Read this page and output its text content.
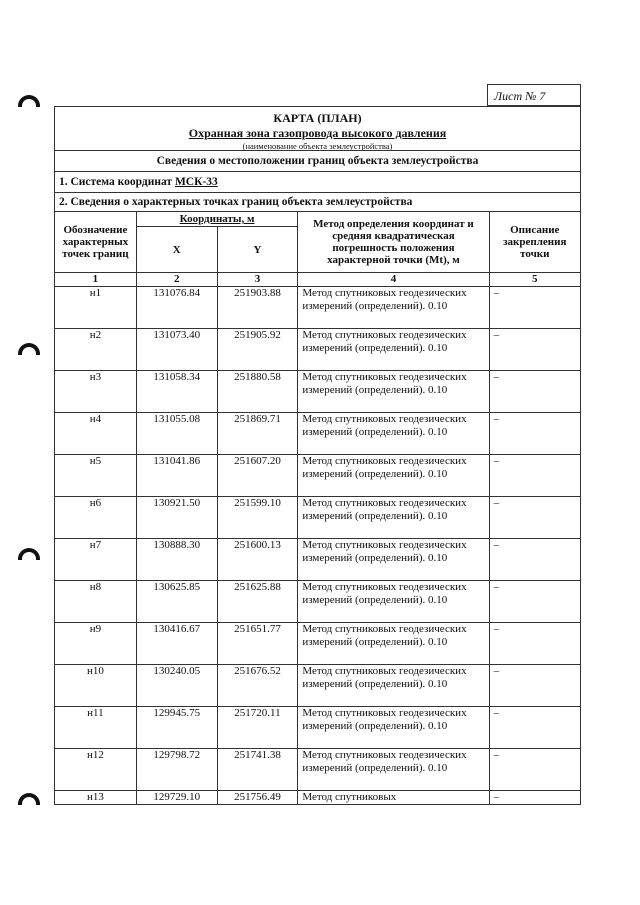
Лист № 7
КАРТА (ПЛАН)
Охранная зона газопровода высокого давления
(наименование объекта землеустройства)
Сведения о местоположении границ объекта землеустройства
1. Система координат МСК-33
2. Сведения о характерных точках границ объекта землеустройства
Обозначение характерных точек границ	Координаты, м		Метод определения координат и средняя квадратическая погрешность положения характерной точки (Mt), м	Описание закрепления точки
	X	Y		
1	2	3	4	5
н1	131076.84	251903.88	Метод спутниковых геодезических измерений (определений). 0.10	–
н2	131073.40	251905.92	Метод спутниковых геодезических измерений (определений). 0.10	–
н3	131058.34	251880.58	Метод спутниковых геодезических измерений (определений). 0.10	–
н4	131055.08	251869.71	Метод спутниковых геодезических измерений (определений). 0.10	–
н5	131041.86	251607.20	Метод спутниковых геодезических измерений (определений). 0.10	–
н6	130921.50	251599.10	Метод спутниковых геодезических измерений (определений). 0.10	–
н7	130888.30	251600.13	Метод спутниковых геодезических измерений (определений). 0.10	–
н8	130625.85	251625.88	Метод спутниковых геодезических измерений (определений). 0.10	–
н9	130416.67	251651.77	Метод спутниковых геодезических измерений (определений). 0.10	–
н10	130240.05	251676.52	Метод спутниковых геодезических измерений (определений). 0.10	–
н11	129945.75	251720.11	Метод спутниковых геодезических измерений (определений). 0.10	–
н12	129798.72	251741.38	Метод спутниковых геодезических измерений (определений). 0.10	–
н13	129729.10	251756.49	Метод спутниковых	–
